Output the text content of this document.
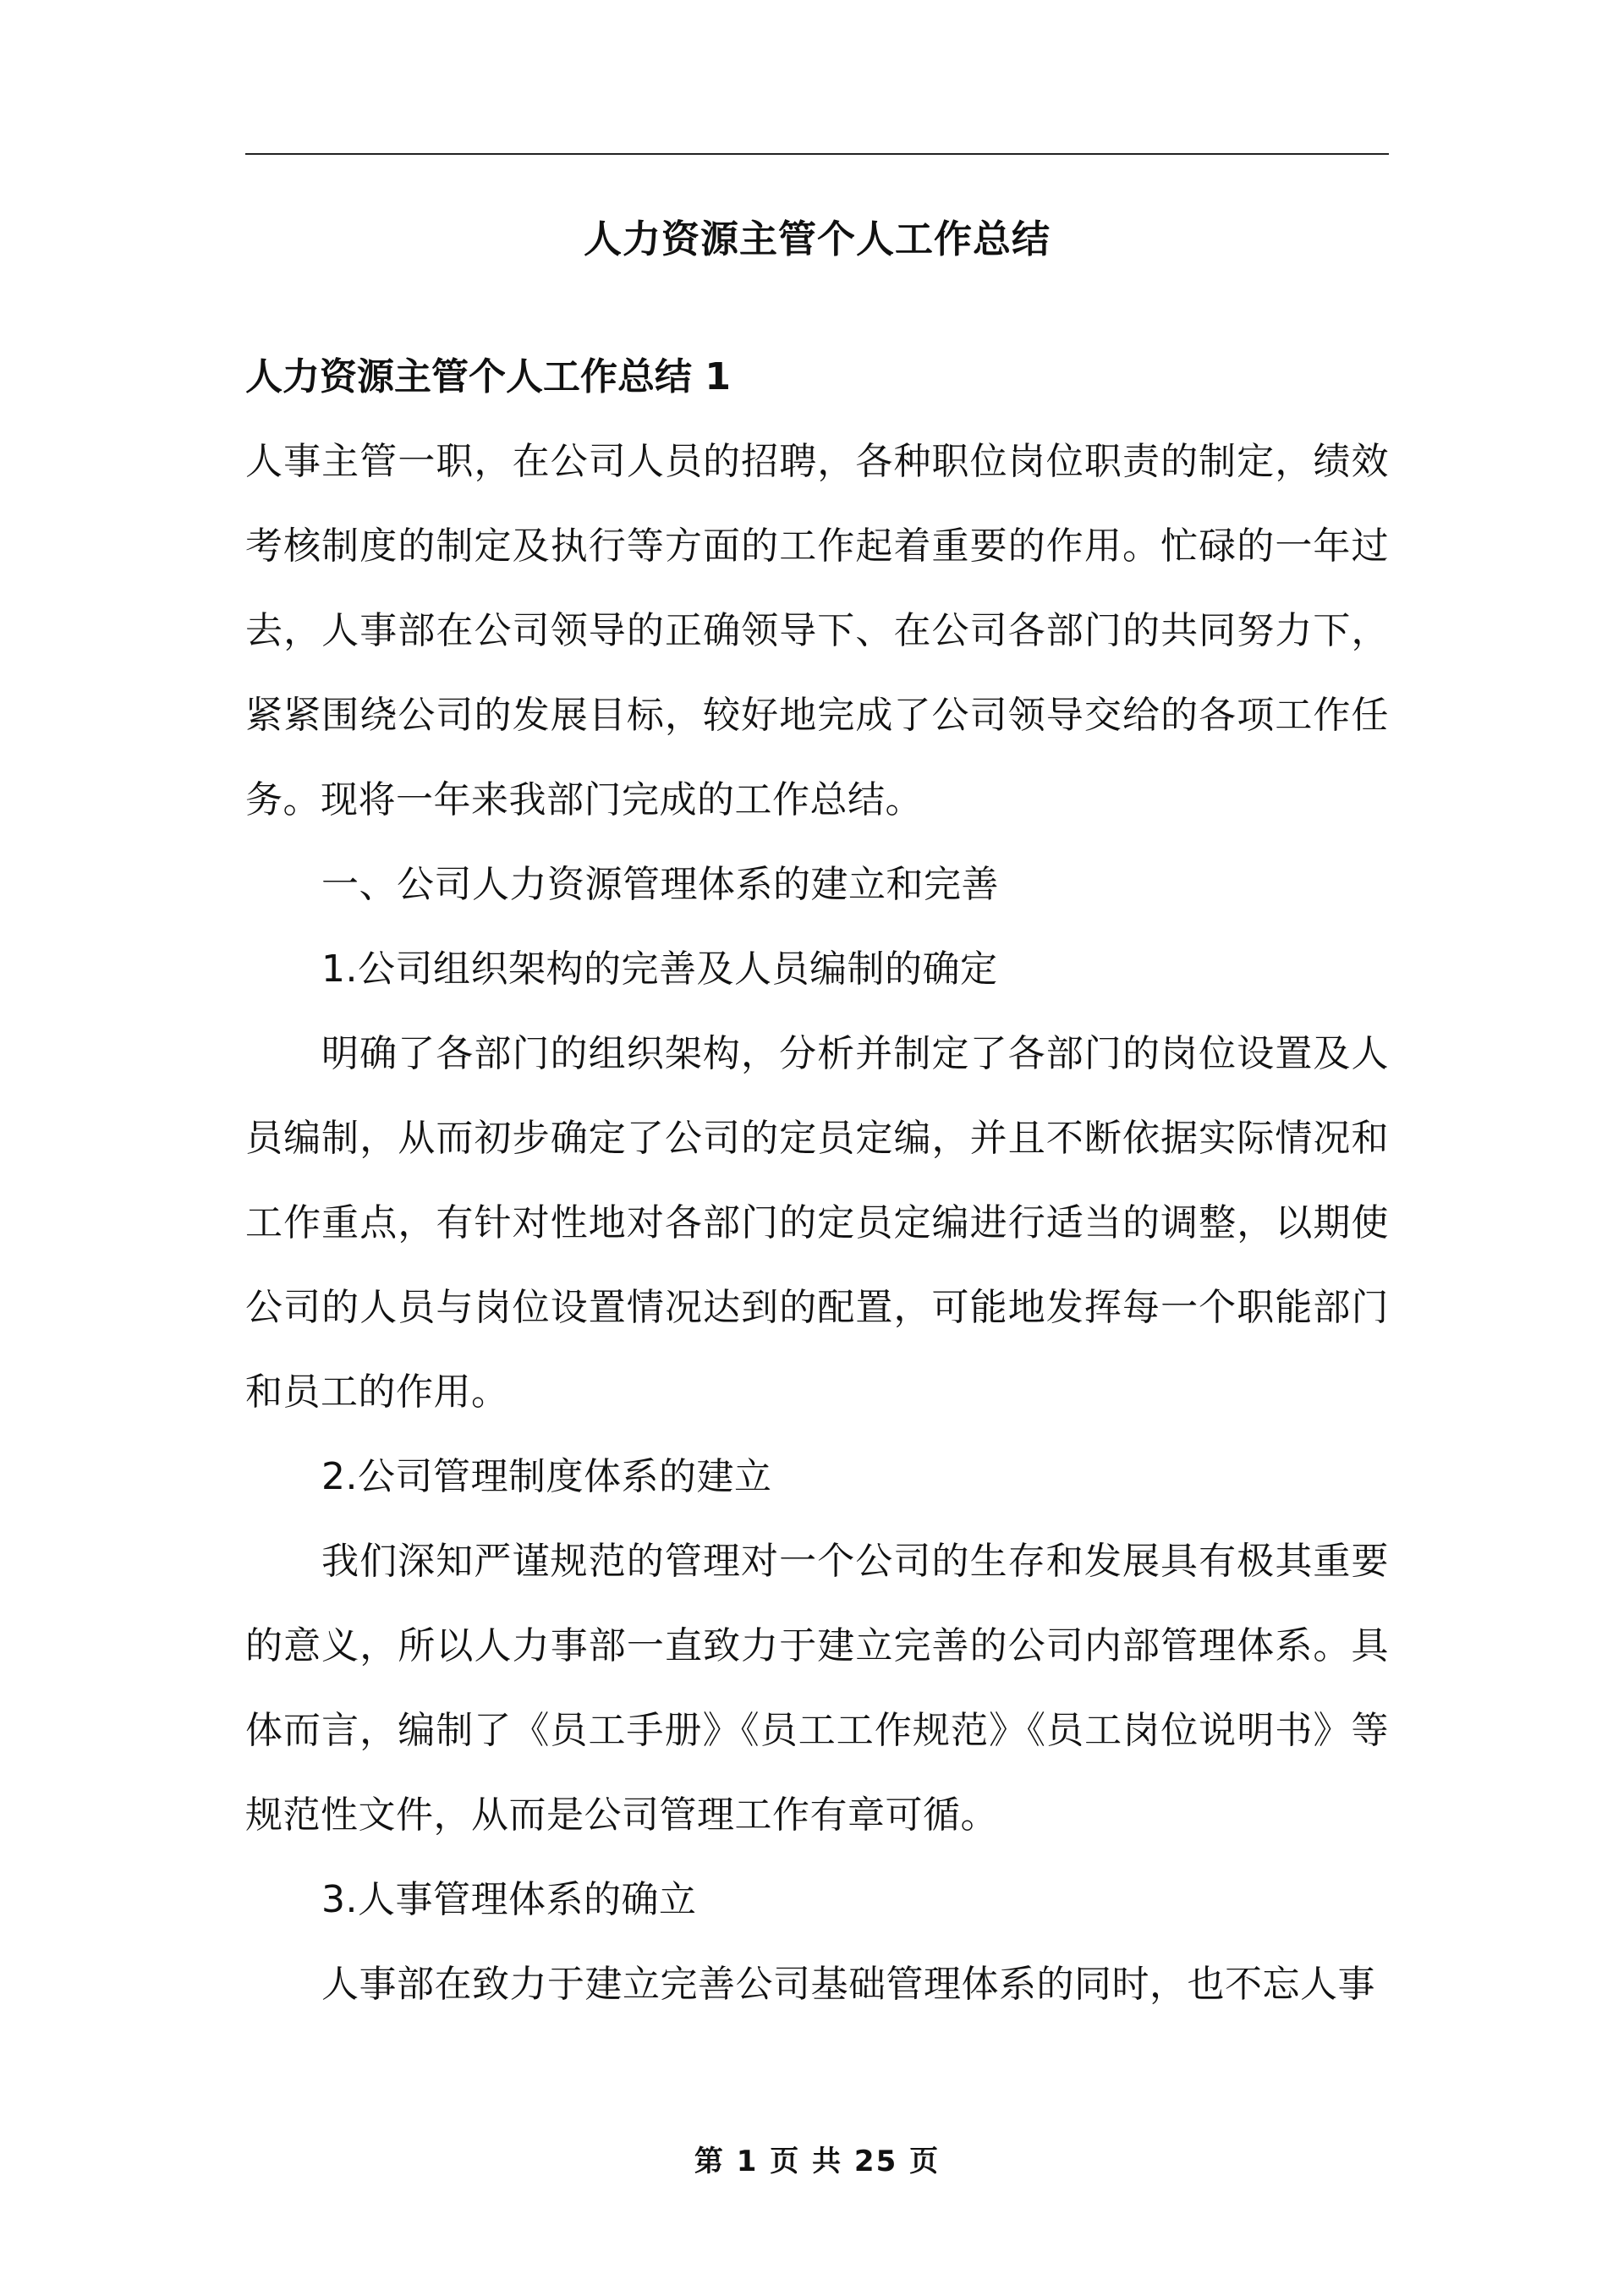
人力资源主管个人工作总结

人力资源主管个人工作总结 1

人事主管一职，在公司人员的招聘，各种职位岗位职责的制定，绩效考核制度的制定及执行等方面的工作起着重要的作用。忙碌的一年过去，人事部在公司领导的正确领导下、在公司各部门的共同努力下，紧紧围绕公司的发展目标，较好地完成了公司领导交给的各项工作任务。现将一年来我部门完成的工作总结。

一、公司人力资源管理体系的建立和完善

1.公司组织架构的完善及人员编制的确定

明确了各部门的组织架构，分析并制定了各部门的岗位设置及人员编制，从而初步确定了公司的定员定编，并且不断依据实际情况和工作重点，有针对性地对各部门的定员定编进行适当的调整，以期使公司的人员与岗位设置情况达到的配置，可能地发挥每一个职能部门和员工的作用。

2.公司管理制度体系的建立

我们深知严谨规范的管理对一个公司的生存和发展具有极其重要的意义，所以人力事部一直致力于建立完善的公司内部管理体系。具体而言，编制了《员工手册》《员工工作规范》《员工岗位说明书》等规范性文件，从而是公司管理工作有章可循。

3.人事管理体系的确立

人事部在致力于建立完善公司基础管理体系的同时，也不忘人事

第 1 页 共 25 页
